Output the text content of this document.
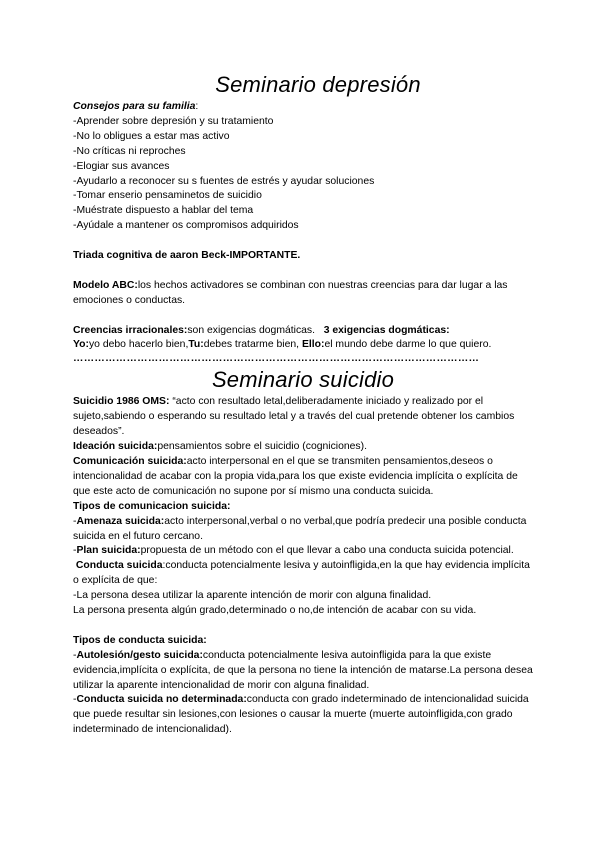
Seminario depresión
Consejos para su familia:
-Aprender sobre depresión y su tratamiento
-No lo obligues a estar mas activo
-No críticas ni reproches
-Elogiar sus avances
-Ayudarlo a reconocer su s fuentes de estrés y ayudar soluciones
-Tomar enserio pensaminetos de suicidio
-Muéstrate dispuesto a hablar del tema
-Ayúdale a mantener os compromisos adquiridos
Triada cognitiva de aaron Beck-IMPORTANTE.
Modelo ABC:los hechos activadores se combinan con nuestras creencias para dar lugar a las emociones o conductas.
Creencias irracionales:son exigencias dogmáticas. 3 exigencias dogmáticas:
Yo:yo debo hacerlo bien,Tu:debes tratarme bien, Ello:el mundo debe darme lo que quiero.
……………………………………………………………………………………………………
Seminario suicidio
Suicidio 1986 OMS: “acto con resultado letal,deliberadamente iniciado y realizado por el sujeto,sabiendo o esperando su resultado letal y a través del cual pretende obtener los cambios deseados”.
Ideación suicida:pensamientos sobre el suicidio (cogniciones).
Comunicación suicida:acto interpersonal en el que se transmiten pensamientos,deseos o intencionalidad de acabar con la propia vida,para los que existe evidencia implícita o explícita de que este acto de comunicación no supone por sí mismo una conducta suicida.
Tipos de comunicacion suicida:
-Amenaza suicida:acto interpersonal,verbal o no verbal,que podría predecir una posible conducta suicida en el futuro cercano.
-Plan suicida:propuesta de un método con el que llevar a cabo una conducta suicida potencial.
Conducta suicida:conducta potencialmente lesiva y autoinfligida,en la que hay evidencia implícita o explícita de que:
-La persona desea utilizar la aparente intención de morir con alguna finalidad.
La persona presenta algún grado,determinado o no,de intención de acabar con su vida.
Tipos de conducta suicida:
-Autolesión/gesto suicida:conducta potencialmente lesiva autoinfligida para la que existe evidencia,implícita o explícita, de que la persona no tiene la intención de matarse.La persona desea utilizar la aparente intencionalidad de morir con alguna finalidad.
-Conducta suicida no determinada:conducta con grado indeterminado de intencionalidad suicida que puede resultar sin lesiones,con lesiones o causar la muerte (muerte autoinfligida,con grado indeterminado de intencionalidad).
